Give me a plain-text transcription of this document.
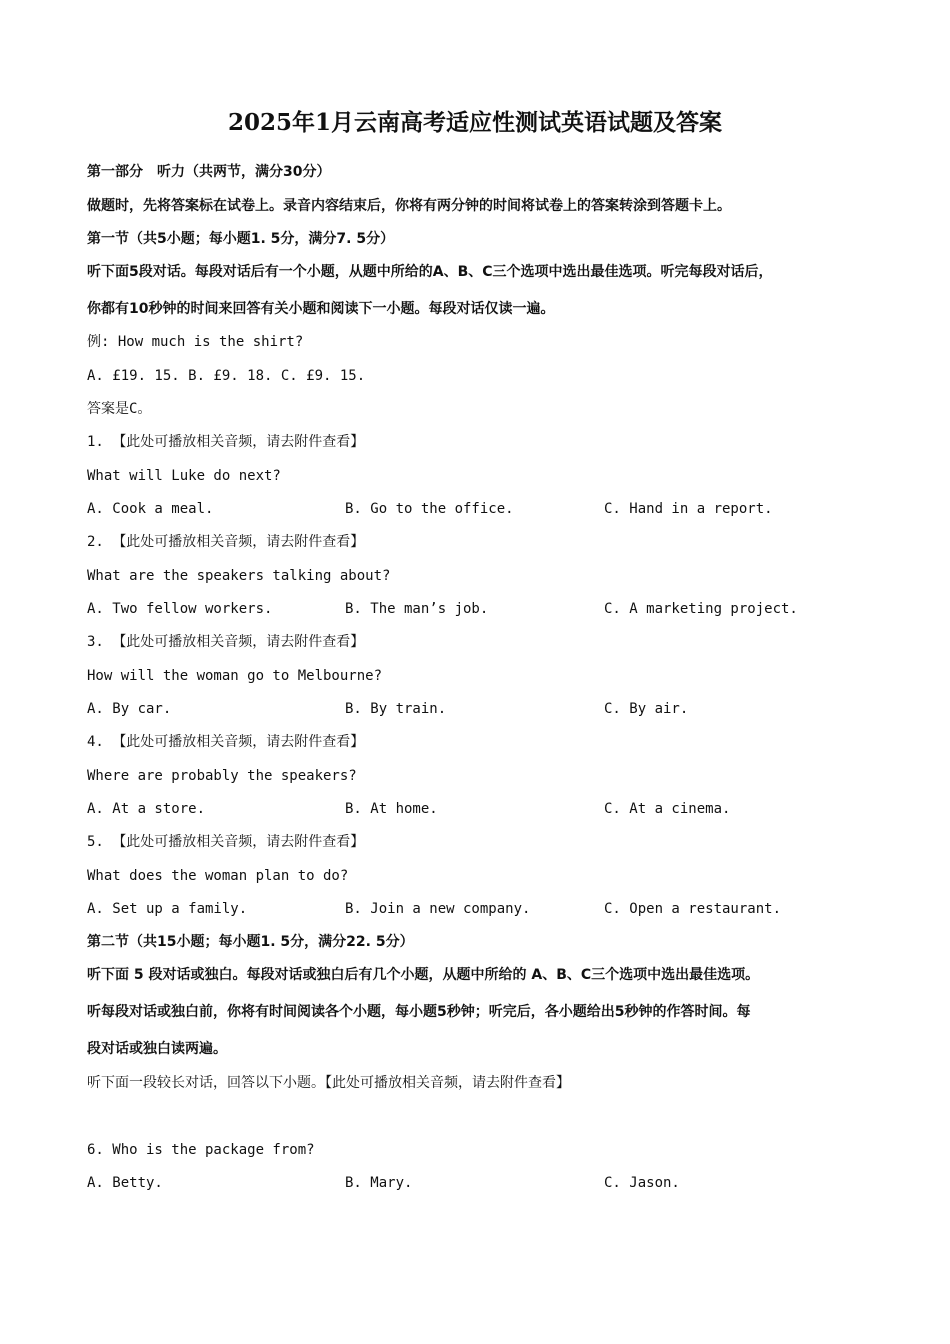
2025年1月云南高考适应性测试英语试题及答案
第一部分　听力（共两节，满分30分）
做题时，先将答案标在试卷上。录音内容结束后，你将有两分钟的时间将试卷上的答案转涂到答题卡上。
第一节（共5小题；每小题1. 5分，满分7. 5分）
听下面5段对话。每段对话后有一个小题，从题中所给的A、B、C三个选项中选出最佳选项。听完每段对话后，
你都有10秒钟的时间来回答有关小题和阅读下一小题。每段对话仅读一遍。
例: How much is the shirt?
A. £19. 15. B. £9. 18. C. £9. 15.
答案是C。
1. 【此处可播放相关音频，请去附件查看】
What will Luke do next?
A. Cook a meal.	B. Go to the office.	C. Hand in a report.
2. 【此处可播放相关音频，请去附件查看】
What are the speakers talking about?
A. Two fellow workers.	B. The man’s job.	C. A marketing project.
3. 【此处可播放相关音频，请去附件查看】
How will the woman go to Melbourne?
A. By car.	B. By train.	C. By air.
4. 【此处可播放相关音频，请去附件查看】
Where are probably the speakers?
A. At a store.	B. At home.	C. At a cinema.
5. 【此处可播放相关音频，请去附件查看】
What does the woman plan to do?
A. Set up a family.	B. Join a new company.	C. Open a restaurant.
第二节（共15小题；每小题1. 5分，满分22. 5分）
听下面 5 段对话或独白。每段对话或独白后有几个小题，从题中所给的 A、B、C三个选项中选出最佳选项。
听每段对话或独白前，你将有时间阅读各个小题，每小题5秒钟；听完后，各小题给出5秒钟的作答时间。每
段对话或独白读两遍。
听下面一段较长对话，回答以下小题。【此处可播放相关音频，请去附件查看】
6. Who is the package from?
A. Betty.	B. Mary.	C. Jason.
